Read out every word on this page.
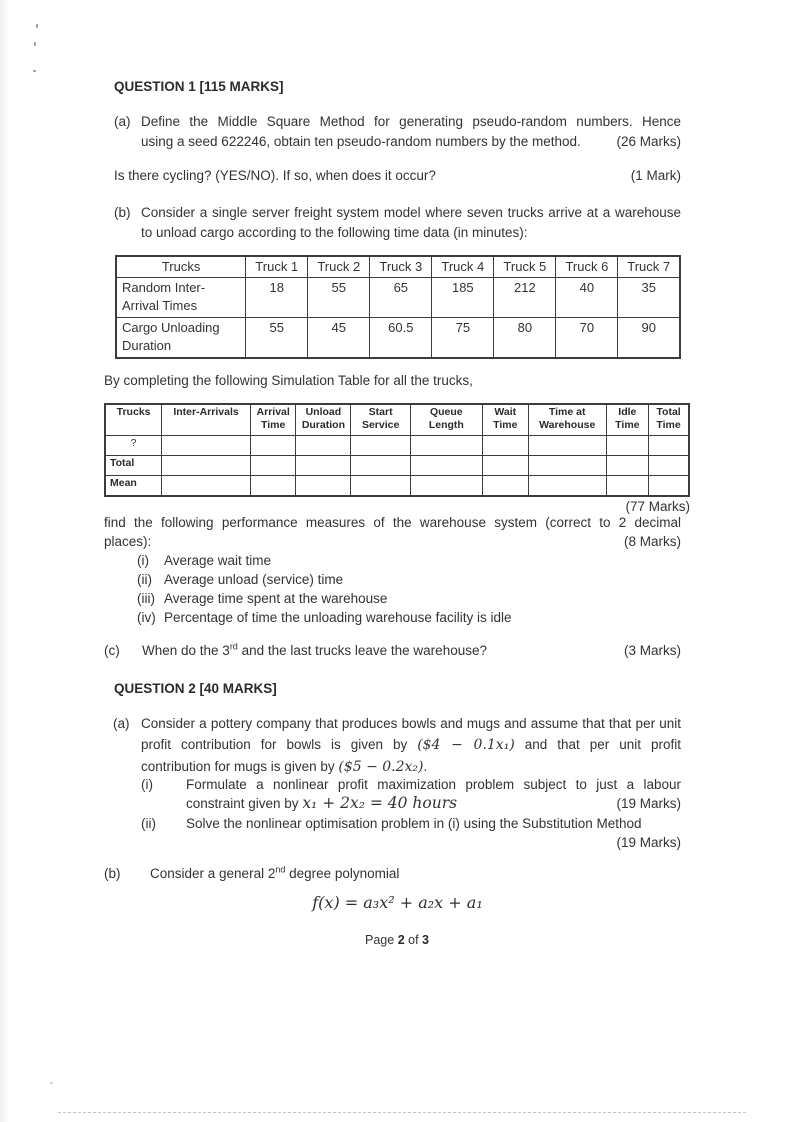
QUESTION 1 [115 MARKS]
(a) Define the Middle Square Method for generating pseudo-random numbers. Hence
using a seed 622246, obtain ten pseudo-random numbers by the method.	(26 Marks)
Is there cycling? (YES/NO). If so, when does it occur?	(1 Mark)
(b) Consider a single server freight system model where seven trucks arrive at a warehouse
to unload cargo according to the following time data (in minutes):
Trucks	Truck 1	Truck 2	Truck 3	Truck 4	Truck 5	Truck 6	Truck 7
Random Inter-Arrival Times	18	55	65	185	212	40	35
Cargo Unloading Duration	55	45	60.5	75	80	70	90
By completing the following Simulation Table for all the trucks,
Trucks	Inter-Arrivals	Arrival Time	Unload Duration	Start Service	Queue Length	Wait Time	Time at Warehouse	Idle Time	Total Time
?									
Total									
Mean									
(77 Marks)
find the following performance measures of the warehouse system (correct to 2 decimal
places):	(8 Marks)
(i) Average wait time
(ii) Average unload (service) time
(iii) Average time spent at the warehouse
(iv) Percentage of time the unloading warehouse facility is idle
(c) When do the 3rd and the last trucks leave the warehouse?	(3 Marks)
QUESTION 2 [40 MARKS]
(a) Consider a pottery company that produces bowls and mugs and assume that that per unit
profit contribution for bowls is given by ($4 − 0.1x₁) and that per unit profit
contribution for mugs is given by ($5 − 0.2x₂).
(i) Formulate a nonlinear profit maximization problem subject to just a labour
constraint given by x₁ + 2x₂ = 40 hours	(19 Marks)
(ii) Solve the nonlinear optimisation problem in (i) using the Substitution Method
(19 Marks)
(b) Consider a general 2nd degree polynomial
f(x) = a₃x² + a₂x + a₁
Page 2 of 3
